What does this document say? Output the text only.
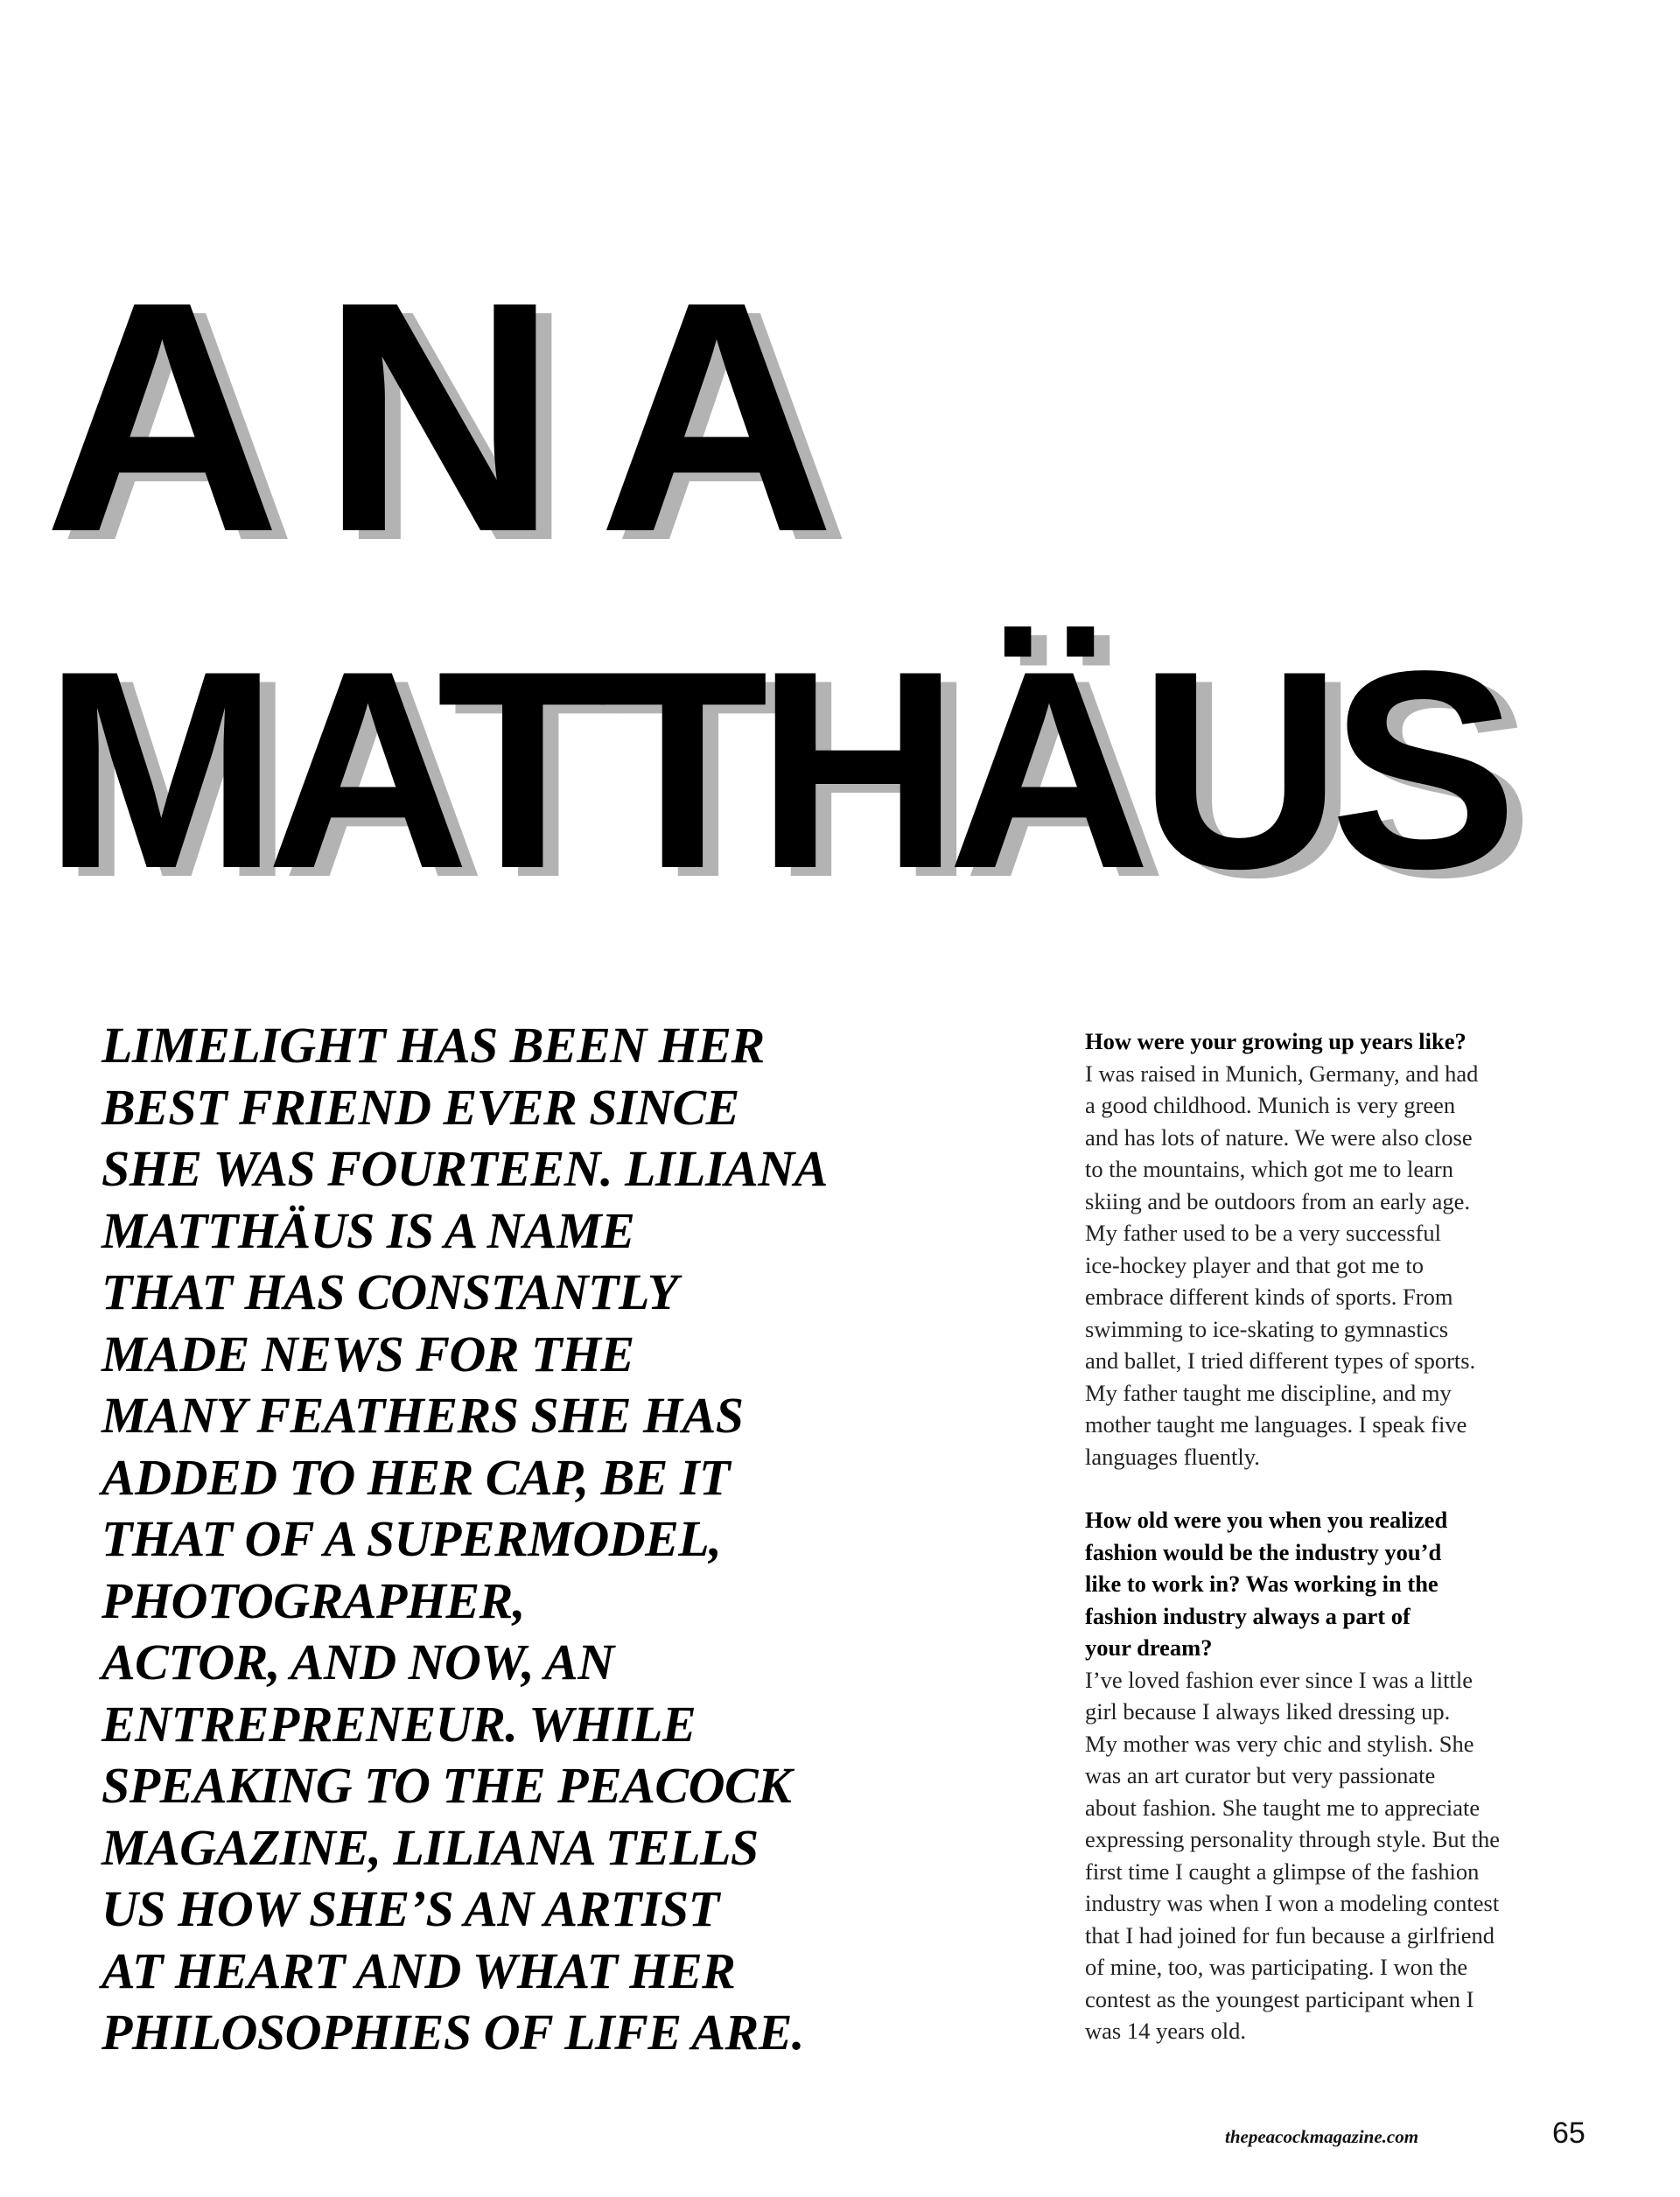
ANA
MATTHÄUS

LIMELIGHT HAS BEEN HER
BEST FRIEND EVER SINCE
SHE WAS FOURTEEN. LILIANA
MATTHÄUS IS A NAME
THAT HAS CONSTANTLY
MADE NEWS FOR THE
MANY FEATHERS SHE HAS
ADDED TO HER CAP, BE IT
THAT OF A SUPERMODEL,
PHOTOGRAPHER,
ACTOR, AND NOW, AN
ENTREPRENEUR. WHILE
SPEAKING TO THE PEACOCK
MAGAZINE, LILIANA TELLS
US HOW SHE’S AN ARTIST
AT HEART AND WHAT HER
PHILOSOPHIES OF LIFE ARE.

How were your growing up years like?
I was raised in Munich, Germany, and had
a good childhood. Munich is very green
and has lots of nature. We were also close
to the mountains, which got me to learn
skiing and be outdoors from an early age.
My father used to be a very successful
ice-hockey player and that got me to
embrace different kinds of sports. From
swimming to ice-skating to gymnastics
and ballet, I tried different types of sports.
My father taught me discipline, and my
mother taught me languages. I speak five
languages fluently.
How old were you when you realized
fashion would be the industry you’d
like to work in? Was working in the
fashion industry always a part of
your dream?
I’ve loved fashion ever since I was a little
girl because I always liked dressing up.
My mother was very chic and stylish. She
was an art curator but very passionate
about fashion. She taught me to appreciate
expressing personality through style. But the
first time I caught a glimpse of the fashion
industry was when I won a modeling contest
that I had joined for fun because a girlfriend
of mine, too, was participating. I won the
contest as the youngest participant when I
was 14 years old.
thepeacockmagazine.com	65
